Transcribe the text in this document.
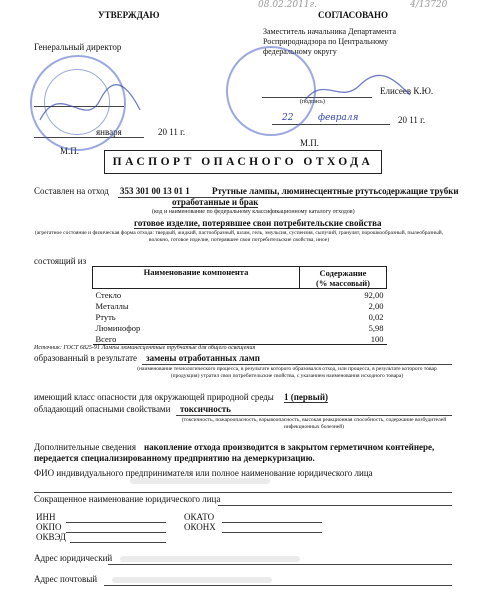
08.02.2011г.	4/13720
УТВЕРЖДАЮ
Генеральный директор
января	20 11 г.
М.П.
СОГЛАСОВАНО
Заместитель начальника Департамента Росприроднадзора по Центральному федеральному округу
Елисеев К.Ю.
(подпись)
22	февраля	20 11 г.
М.П.
ПАСПОРТ ОПАСНОГО ОТХОДА
Составлен на отход 353 301 00 13 01 1 Ртутные лампы, люминесцентные ртутьсодержащие трубки
отработанные и брак
(код и наименование по федеральному классификационному каталогу отходов)
готовое изделие, потерявшее свои потребительские свойства
(агрегатное состояние и физическая форма отхода: твердый, жидкий, пастообразный, шлам, гель, эмульсия, суспензия, сыпучий, гранулят, порошкообразный, пылеобразный, волокно, готовое изделие, потерявшее свои потребительские свойства, иное)
состоящий из
Наименование компонента	Содержание
(% массовый)

Стекло	92,00
Металлы	2,00
Ртуть	0,02
Люминофор	5,98
Всего	100
Источник: ГОСТ 6825-91 Лампы люминесцентные трубчатые для общего освещения
образованный в результате замены отработанных ламп
(наименование технологического процесса, в результате которого образовался отход, или процесса, в результате которого товар (продукция) утратил свои потребительские свойства, с указанием наименования исходного товара)
имеющий класс опасности для окружающей природной среды 1 (первый)
обладающий опасными свойствами токсичность
(токсичность, пожароопасность, взрывоопасность, высокая реакционная способность, содержание возбудителей инфекционных болезней)
Дополнительные сведения накопление отхода производится в закрытом герметичном контейнере,
передается специализированному предприятию на демеркуризацию.
ФИО индивидуального предпринимателя или полное наименование юридического лица
Сокращенное наименование юридического лица
ИНН
ОКПО
ОКВЭД
ОКАТО
ОКОНХ
Адрес юридический
Адрес почтовый
